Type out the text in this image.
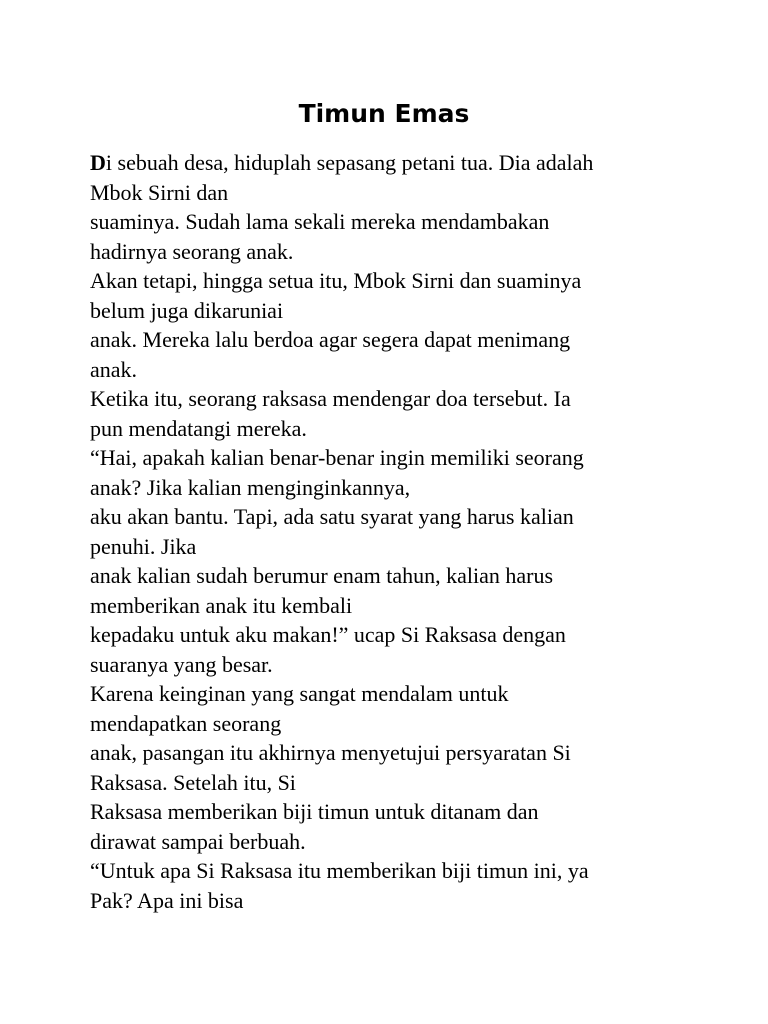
Timun Emas
Di sebuah desa, hiduplah sepasang petani tua. Dia adalah
Mbok Sirni dan
suaminya. Sudah lama sekali mereka mendambakan
hadirnya seorang anak.
Akan tetapi, hingga setua itu, Mbok Sirni dan suaminya
belum juga dikaruniai
anak. Mereka lalu berdoa agar segera dapat menimang
anak.
Ketika itu, seorang raksasa mendengar doa tersebut. Ia
pun mendatangi mereka.
“Hai, apakah kalian benar-benar ingin memiliki seorang
anak? Jika kalian menginginkannya,
aku akan bantu. Tapi, ada satu syarat yang harus kalian
penuhi. Jika
anak kalian sudah berumur enam tahun, kalian harus
memberikan anak itu kembali
kepadaku untuk aku makan!” ucap Si Raksasa dengan
suaranya yang besar.
Karena keinginan yang sangat mendalam untuk
mendapatkan seorang
anak, pasangan itu akhirnya menyetujui persyaratan Si
Raksasa. Setelah itu, Si
Raksasa memberikan biji timun untuk ditanam dan
dirawat sampai berbuah.
“Untuk apa Si Raksasa itu memberikan biji timun ini, ya
Pak? Apa ini bisa
